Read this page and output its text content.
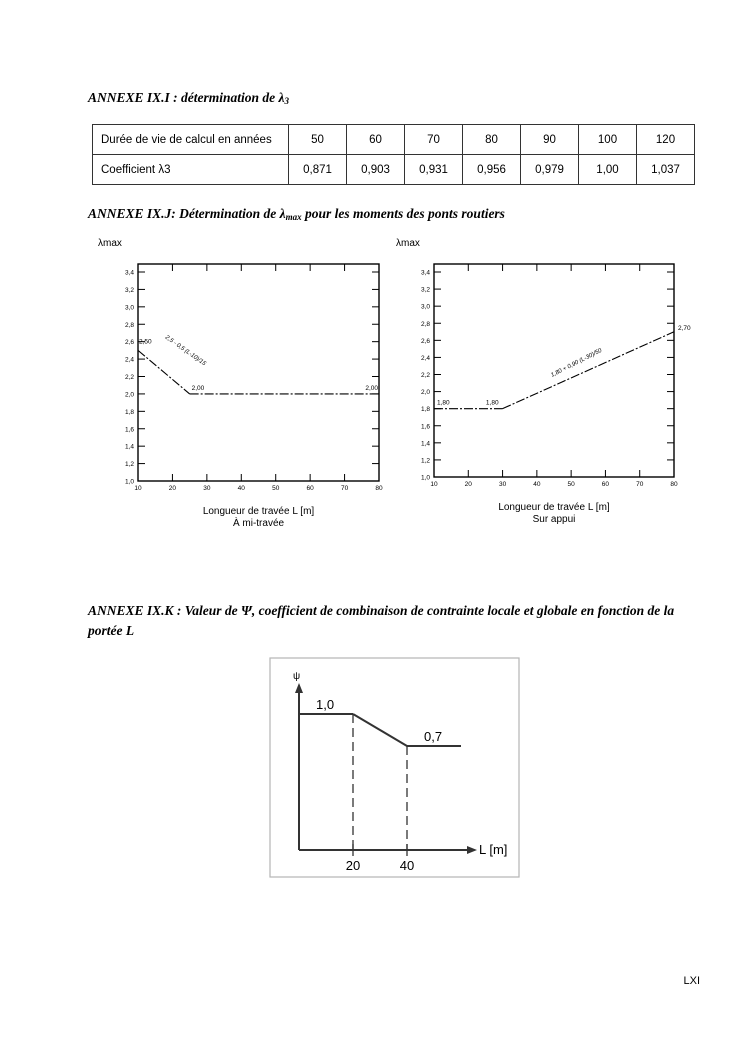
ANNEXE IX.I : détermination de $\lambda_3$
Durée de vie de calcul en années	50	60	70	80	90	100	120
Coefficient λ3	0,871	0,903	0,931	0,956	0,979	1,00	1,037
ANNEXE IX.J: Détermination de $\lambda_{max}$ pour les moments des ponts routiers
1,0
1,2
1,4
1,6
1,8
2,0
2,2
2,4
2,6
2,8
3,0
3,2
3,4
10	20	30	40	50	60	70	80
λmax
2,50
2,00	2,00
2,5 - 0,5 (L-10)/15
Longueur de travée L [m]
À mi-travée
1,0
1,2
1,4
1,6
1,8
2,0
2,2
2,4
2,6
2,8
3,0
3,2
3,4
10	20	30	40	50	60	70	80
λmax
1,80	1,80
2,70
1,80 + 0,90 (L-30)/50
Longueur de travée L [m]
Sur appui
ANNEXE IX.K : Valeur de Ψ, coefficient de combinaison de contrainte locale et globale en fonction de la portée L
ψ
L [m]
20	40
1,0
0,7
LXI
